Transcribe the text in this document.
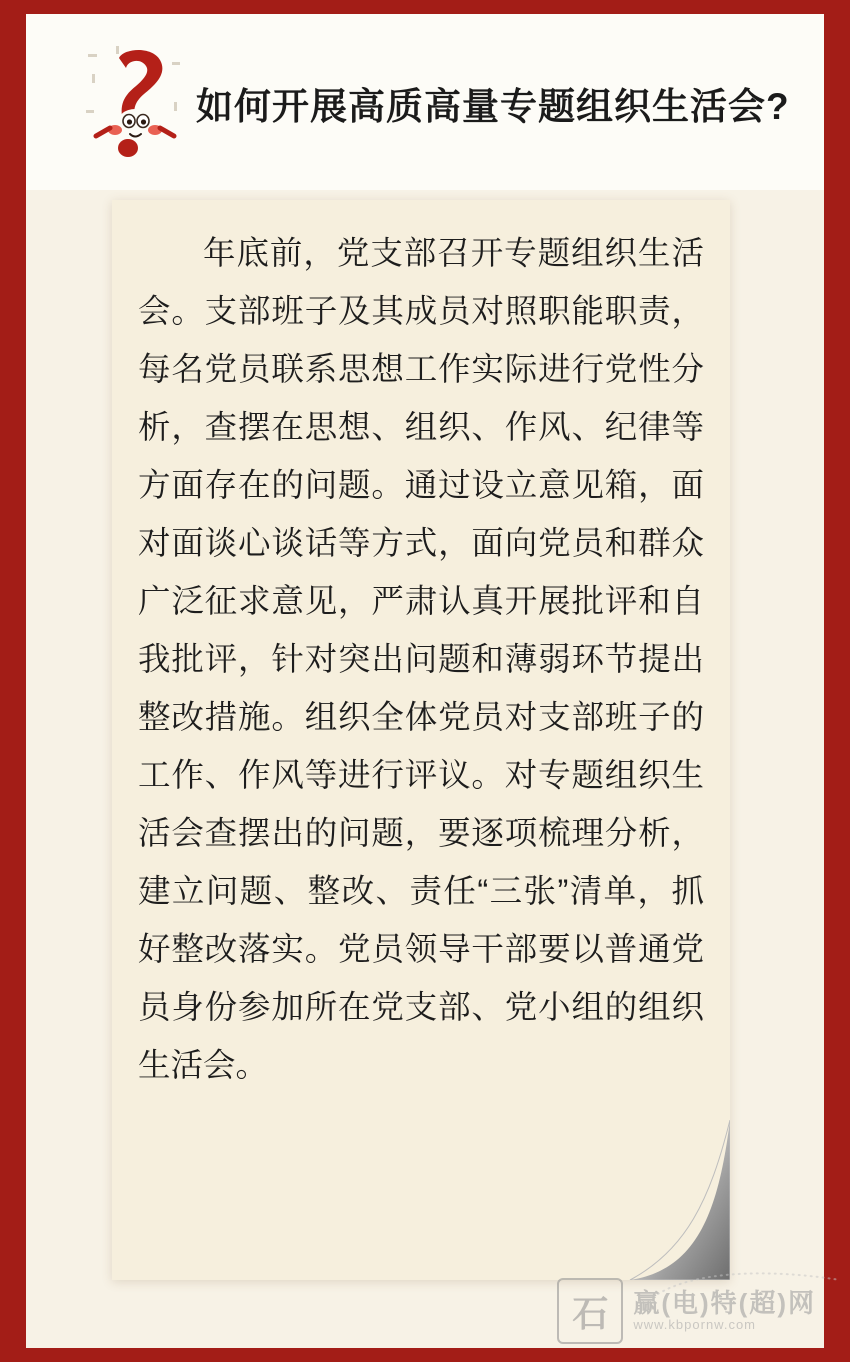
如何开展高质高量专题组织生活会?

年底前，党支部召开专题组织生活会。支部班子及其成员对照职能职责，每名党员联系思想工作实际进行党性分析，查摆在思想、组织、作风、纪律等方面存在的问题。通过设立意见箱，面对面谈心谈话等方式，面向党员和群众广泛征求意见，严肃认真开展批评和自我批评，针对突出问题和薄弱环节提出整改措施。组织全体党员对支部班子的工作、作风等进行评议。对专题组织生活会查摆出的问题，要逐项梳理分析，建立问题、整改、责任“三张”清单，抓好整改落实。党员领导干部要以普通党员身份参加所在党支部、党小组的组织生活会。

石 赢(电)特(超)网
www.kbpornw.com
